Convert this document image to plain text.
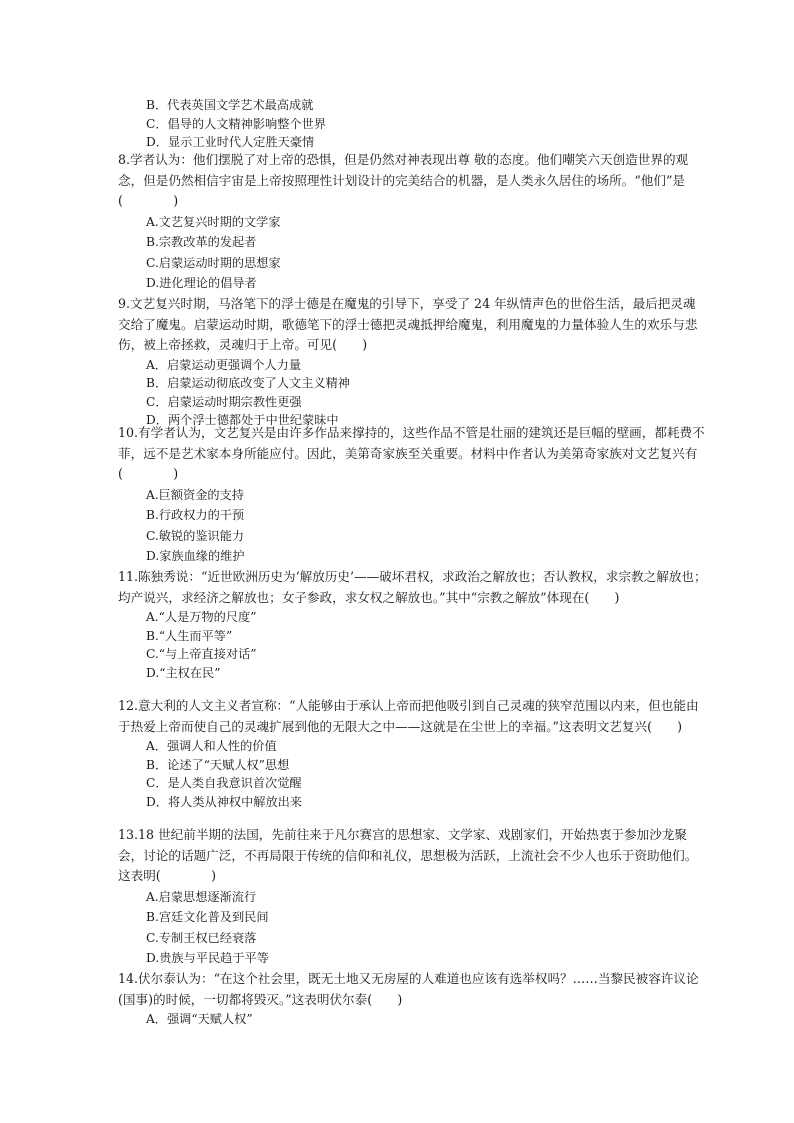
B．代表英国文学艺术最高成就

C．倡导的人文精神影响整个世界

D．显示工业时代人定胜天豪情

8.学者认为：他们摆脱了对上帝的恐惧，但是仍然对神表现出尊 敬的态度。他们嘲笑六天创造世界的观念，但是仍然相信宇宙是上帝按照理性计划设计的完美结合的机器，是人类永久居住的场所。“他们”是(　　　　)

A.文艺复兴时期的文学家

B.宗教改革的发起者

C.启蒙运动时期的思想家

D.进化理论的倡导者

9.文艺复兴时期，马洛笔下的浮士德是在魔鬼的引导下，享受了 24 年纵情声色的世俗生活，最后把灵魂交给了魔鬼。启蒙运动时期，歌德笔下的浮士德把灵魂抵押给魔鬼，利用魔鬼的力量体验人生的欢乐与悲伤，被上帝拯救，灵魂归于上帝。可见(　　)

A．启蒙运动更强调个人力量

B．启蒙运动彻底改变了人文主义精神

C．启蒙运动时期宗教性更强

D．两个浮士德都处于中世纪蒙昧中

10.有学者认为，文艺复兴是由许多作品来撑持的，这些作品不管是壮丽的建筑还是巨幅的壁画，都耗费不菲，远不是艺术家本身所能应付。因此，美第奇家族至关重要。材料中作者认为美第奇家族对文艺复兴有(　　　　)

A.巨额资金的支持

B.行政权力的干预

C.敏锐的鉴识能力

D.家族血缘的维护

11.陈独秀说：“近世欧洲历史为‘解放历史’——破坏君权，求政治之解放也；否认教权，求宗教之解放也；均产说兴，求经济之解放也；女子参政，求女权之解放也。”其中“宗教之解放”体现在(　　)

A.“人是万物的尺度”

B.“人生而平等”

C.“与上帝直接对话”

D.“主权在民”

12.意大利的人文主义者宣称：“人能够由于承认上帝而把他吸引到自己灵魂的狭窄范围以内来，但也能由于热爱上帝而使自己的灵魂扩展到他的无限大之中——这就是在尘世上的幸福。”这表明文艺复兴(　　)

A．强调人和人性的价值

B．论述了“天赋人权”思想

C．是人类自我意识首次觉醒

D．将人类从神权中解放出来

13.18 世纪前半期的法国，先前往来于凡尔赛宫的思想家、文学家、戏剧家们，开始热衷于参加沙龙聚会，讨论的话题广泛，不再局限于传统的信仰和礼仪，思想极为活跃，上流社会不少人也乐于资助他们。这表明(　　　　)

A.启蒙思想逐渐流行

B.宫廷文化普及到民间

C.专制王权已经衰落

D.贵族与平民趋于平等

14.伏尔泰认为：“在这个社会里，既无土地又无房屋的人难道也应该有选举权吗？……当黎民被容许议论(国事)的时候，一切都将毁灭。”这表明伏尔泰(　　)

A．强调“天赋人权”
